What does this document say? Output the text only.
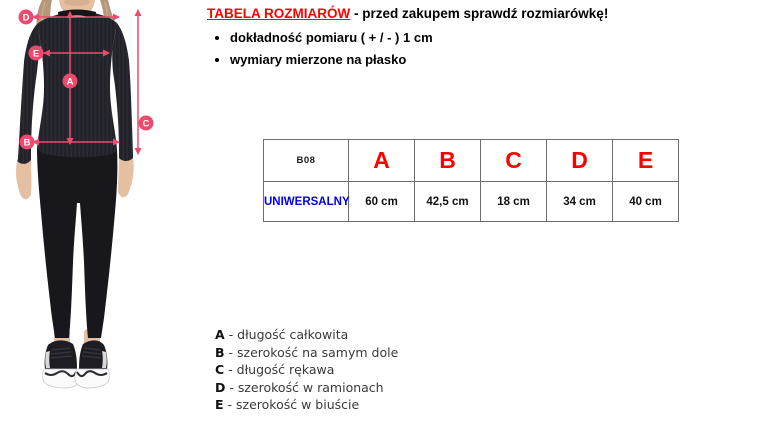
D
E
A
C
B
TABELA ROZMIARÓW - przed zakupem sprawdź rozmiarówkę!
• dokładność pomiaru ( + / - ) 1 cm
• wymiary mierzone na płasko
B08	A	B	C	D	E
UNIWERSALNY	60 cm	42,5 cm	18 cm	34 cm	40 cm
A - długość całkowita
B - szerokość na samym dole
C - długość rękawa
D - szerokość w ramionach
E - szerokość w biuście
